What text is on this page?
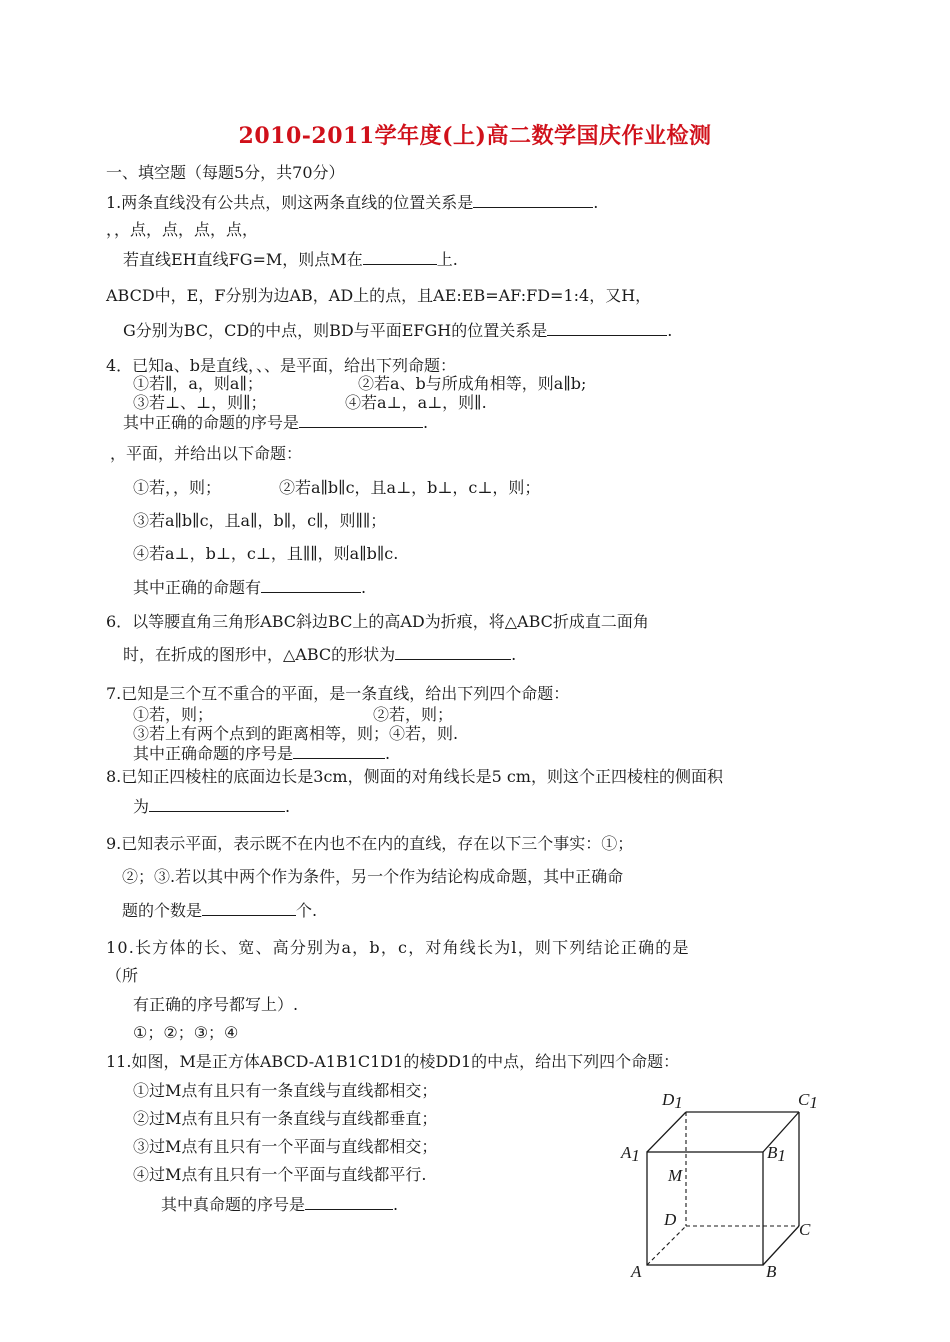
2010-2011学年度(上)高二数学国庆作业检测
一、填空题（每题5分，共70分）
1.两条直线没有公共点，则这两条直线的位置关系是	.
，，点，点，点，点，
若直线EH直线FG=M，则点M在	上.
ABCD中，E，F分别为边AB，AD上的点，且AE:EB=AF:FD=1:4，又H，
G分别为BC，CD的中点，则BD与平面EFGH的位置关系是	.
4．已知a、b是直线，、、是平面，给出下列命题：
①若∥，a，则a∥；	②若a、b与所成角相等，则a∥b;
③若⊥、⊥，则∥；	④若a⊥，a⊥，则∥.
其中正确的命题的序号是	.
，平面，并给出以下命题：
①若，，则；	②若a∥b∥c，且a⊥，b⊥，c⊥，则；
③若a∥b∥c，且a∥，b∥，c∥，则∥∥；
④若a⊥，b⊥，c⊥，且∥∥，则a∥b∥c.
其中正确的命题有	.
6．以等腰直角三角形ABC斜边BC上的高AD为折痕，将△ABC折成直二面角
时，在折成的图形中，△ABC的形状为	.
7.已知是三个互不重合的平面，是一条直线，给出下列四个命题：
①若，则；	②若，则；
③若上有两个点到的距离相等，则；④若，则.
其中正确命题的序号是	.
8.已知正四棱柱的底面边长是3cm，侧面的对角线长是5 cm，则这个正四棱柱的侧面积
为	.
9.已知表示平面，表示既不在内也不在内的直线，存在以下三个事实：①；
②；③.若以其中两个作为条件，另一个作为结论构成命题，其中正确命
题的个数是	个.
10.长方体的长、宽、高分别为a，b，c，对角线长为l，则下列结论正确的是
（所
有正确的序号都写上）.
①；②；③；④
11.如图，M是正方体ABCD-A1B1C1D1的棱DD1的中点，给出下列四个命题：
①过M点有且只有一条直线与直线都相交；
②过M点有且只有一条直线与直线都垂直；
③过M点有且只有一个平面与直线都相交；
④过M点有且只有一个平面与直线都平行.
其中真命题的序号是	.
D1	C1
A1	B1
M
D
C
A	B
